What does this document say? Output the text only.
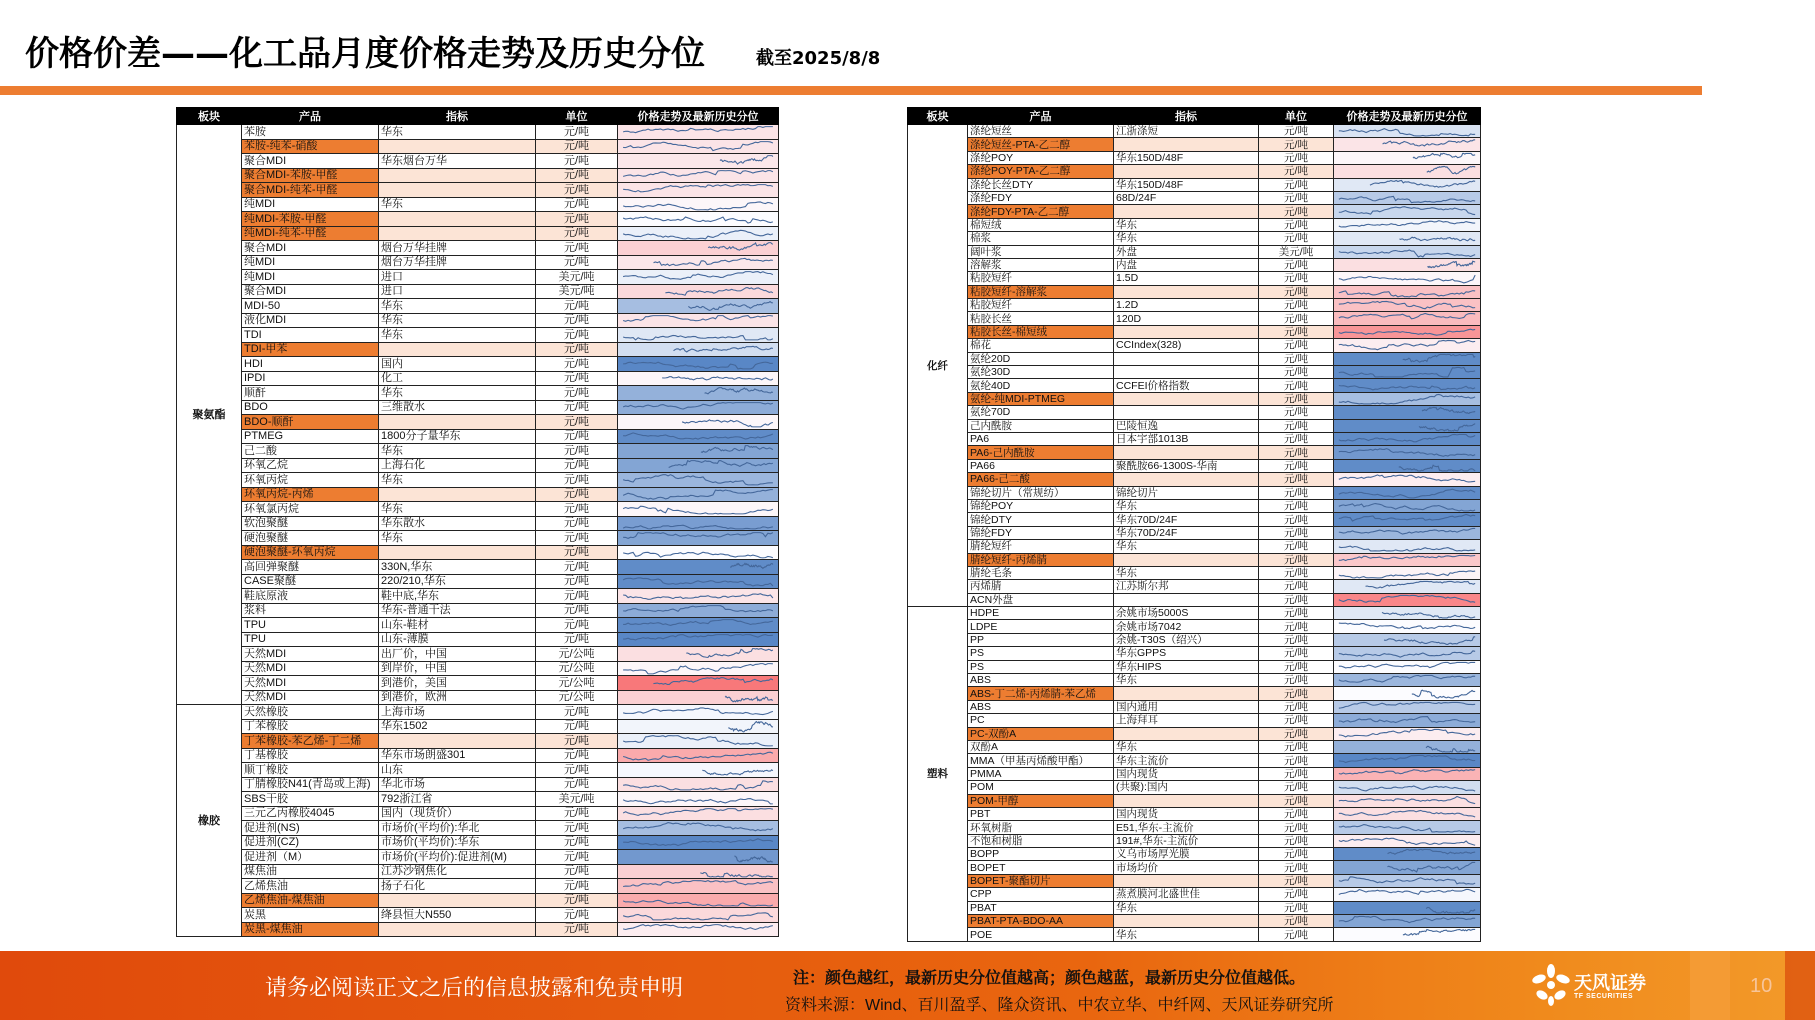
价格价差——化工品月度价格走势及历史分位	截至2025/8/8
板块	产品	指标	单位	价格走势及最新历史分位
聚氨酯	苯胺	华东	元/吨	

	苯胺-纯苯-硝酸		元/吨	

	聚合MDI	华东烟台万华	元/吨	

	聚合MDI-苯胺-甲醛		元/吨	

	聚合MDI-纯苯-甲醛		元/吨	

	纯MDI	华东	元/吨	

	纯MDI-苯胺-甲醛		元/吨	

	纯MDI-纯苯-甲醛		元/吨	

	聚合MDI	烟台万华挂牌	元/吨	

	纯MDI	烟台万华挂牌	元/吨	

	纯MDI	进口	美元/吨	

	聚合MDI	进口	美元/吨	

	MDI-50	华东	元/吨	

	液化MDI	华东	元/吨	

	TDI	华东	元/吨	

	TDI-甲苯		元/吨	

	HDI	国内	元/吨	

	IPDI	化工	元/吨	

	顺酐	华东	元/吨	

	BDO	三维散水	元/吨	

	BDO-顺酐		元/吨	

	PTMEG	1800分子量华东	元/吨	

	己二酸	华东	元/吨	

	环氧乙烷	上海石化	元/吨	

	环氧丙烷	华东	元/吨	

	环氧丙烷-丙烯		元/吨	

	环氧氯丙烷	华东	元/吨	

	软泡聚醚	华东散水	元/吨	

	硬泡聚醚	华东	元/吨	

	硬泡聚醚-环氧丙烷		元/吨	

	高回弹聚醚	330N,华东	元/吨	

	CASE聚醚	220/210,华东	元/吨	

	鞋底原液	鞋中底,华东	元/吨	

	浆料	华东-普通干法	元/吨	

	TPU	山东-鞋材	元/吨	

	TPU	山东-薄膜	元/吨	

	天然MDI	出厂价，中国	元/公吨	

	天然MDI	到岸价，中国	元/公吨	

	天然MDI	到港价，美国	元/公吨	

	天然MDI	到港价，欧洲	元/公吨	

橡胶	天然橡胶	上海市场	元/吨	

	丁苯橡胶	华东1502	元/吨	

	丁苯橡胶-苯乙烯-丁二烯		元/吨	

	丁基橡胶	华东市场朗盛301	元/吨	

	顺丁橡胶	山东	元/吨	

	丁腈橡胶N41(青岛或上海)	华北市场	元/吨	

	SBS干胶	792浙江省	美元/吨	

	三元乙丙橡胶4045	国内（现货价）	元/吨	

	促进剂(NS)	市场价(平均价):华北	元/吨	

	促进剂(CZ)	市场价(平均价):华东	元/吨	

	促进剂（M）	市场价(平均价):促进剂(M)	元/吨	

	煤焦油	江苏沙钢焦化	元/吨	

	乙烯焦油	扬子石化	元/吨	

	乙烯焦油-煤焦油		元/吨	

	炭黑	绛县恒大N550	元/吨	

	炭黑-煤焦油		元/吨	
板块	产品	指标	单位	价格走势及最新历史分位
化纤	涤纶短丝	江浙涤短	元/吨	

	涤纶短丝-PTA-乙二醇		元/吨	

	涤纶POY	华东150D/48F	元/吨	

	涤纶POY-PTA-乙二醇		元/吨	

	涤纶长丝DTY	华东150D/48F	元/吨	

	涤纶FDY	68D/24F	元/吨	

	涤纶FDY-PTA-乙二醇		元/吨	

	棉短绒	华东	元/吨	

	棉浆	华东	元/吨	

	阔叶浆	外盘	美元/吨	

	溶解浆	内盘	元/吨	

	粘胶短纤	1.5D	元/吨	

	粘胶短纤-溶解浆		元/吨	

	粘胶短纤	1.2D	元/吨	

	粘胶长丝	120D	元/吨	

	粘胶长丝-棉短绒		元/吨	

	棉花	CCIndex(328)	元/吨	

	氨纶20D		元/吨	

	氨纶30D		元/吨	

	氨纶40D	CCFEI价格指数	元/吨	

	氨纶-纯MDI-PTMEG		元/吨	

	氨纶70D		元/吨	

	己内酰胺	巴陵恒逸	元/吨	

	PA6	日本宇部1013B	元/吨	

	PA6-己内酰胺		元/吨	

	PA66	聚酰胺66-1300S-华南	元/吨	

	PA66-己二酸		元/吨	

	锦纶切片（常规纺）	锦纶切片	元/吨	

	锦纶POY	华东	元/吨	

	锦纶DTY	华东70D/24F	元/吨	

	锦纶FDY	华东70D/24F	元/吨	

	腈纶短纤	华东	元/吨	

	腈纶短纤-丙烯腈		元/吨	

	腈纶毛条	华东	元/吨	

	丙烯腈	江苏斯尔邦	元/吨	

	ACN外盘		元/吨	

塑料	HDPE	余姚市场5000S	元/吨	

	LDPE	余姚市场7042	元/吨	

	PP	余姚-T30S（绍兴）	元/吨	

	PS	华东GPPS	元/吨	

	PS	华东HIPS	元/吨	

	ABS	华东	元/吨	

	ABS-丁二烯-丙烯腈-苯乙烯		元/吨	

	ABS	国内通用	元/吨	

	PC	上海拜耳	元/吨	

	PC-双酚A		元/吨	

	双酚A	华东	元/吨	

	MMA（甲基丙烯酸甲酯）	华东主流价	元/吨	

	PMMA	国内现货	元/吨	

	POM	(共聚):国内	元/吨	

	POM-甲醇		元/吨	

	PBT	国内现货	元/吨	

	环氧树脂	E51,华东-主流价	元/吨	

	不饱和树脂	191#,华东-主流价	元/吨	

	BOPP	义乌市场厚光膜	元/吨	

	BOPET	市场均价	元/吨	

	BOPET-聚酯切片		元/吨	

	CPP	蒸煮膜河北盛世佳	元/吨	

	PBAT	华东	元/吨	

	PBAT-PTA-BDO-AA		元/吨	

	POE	华东	元/吨	
请务必阅读正文之后的信息披露和免责申明	注：颜色越红，最新历史分位值越高；颜色越蓝，最新历史分位值越低。
资料来源：Wind、百川盈孚、隆众资讯、中农立华、中纤网、天风证券研究所
天风证券
TF SECURITIES	10
